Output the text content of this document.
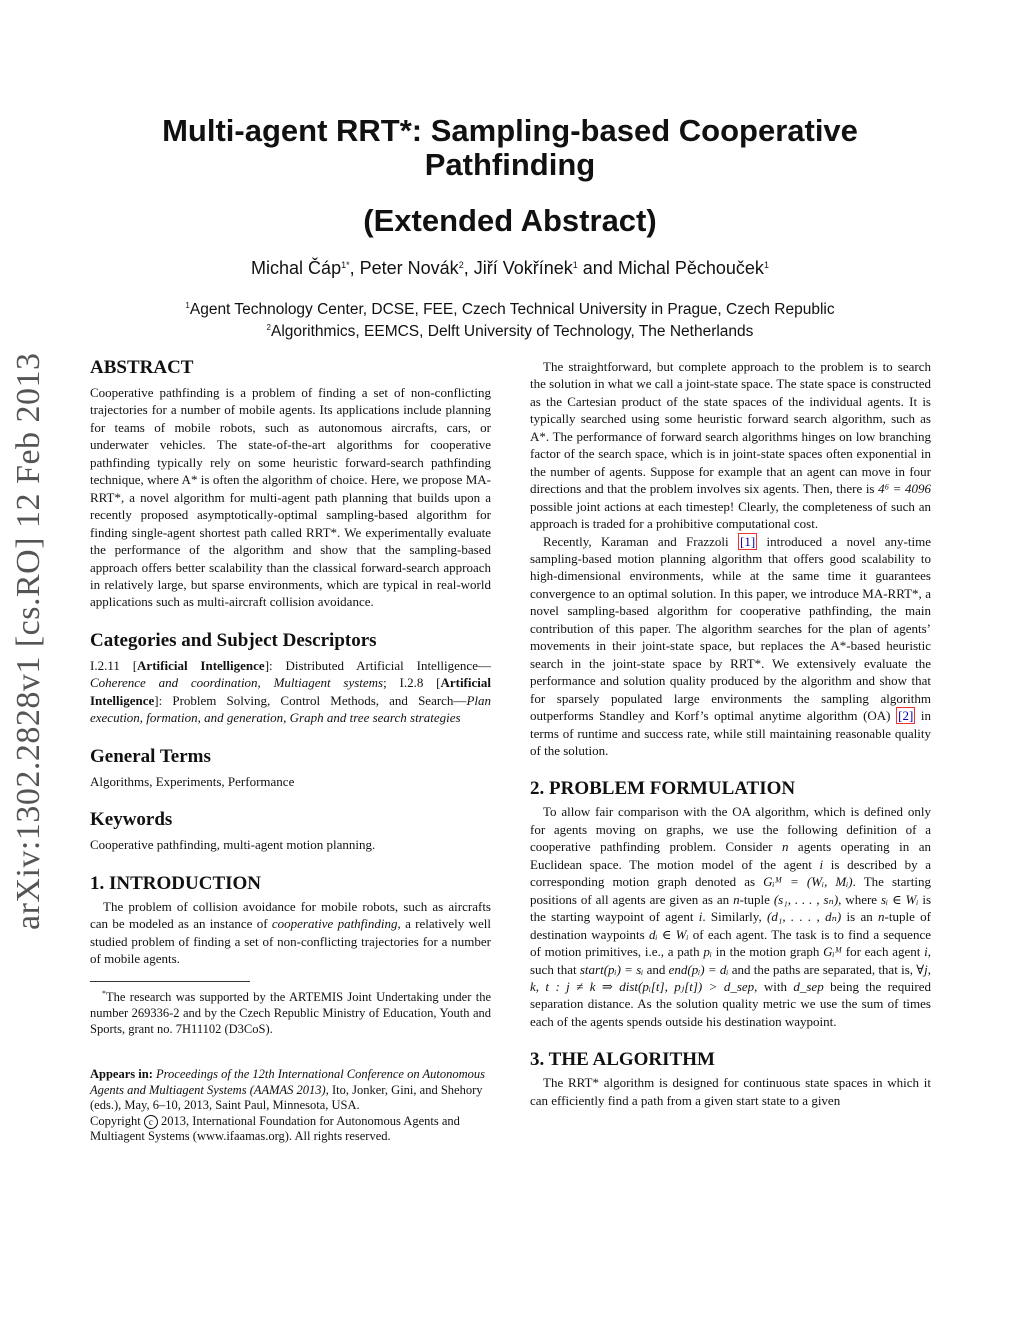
arXiv:1302.2828v1 [cs.RO] 12 Feb 2013
Multi-agent RRT*: Sampling-based Cooperative
Pathfinding
(Extended Abstract)
Michal Čáp$^{1*}$, Peter Novák$^2$, Jiří Vokřínek$^1$ and Michal Pěchouček$^1$
$^1$Agent Technology Center, DCSE, FEE, Czech Technical University in Prague, Czech Republic
$^2$Algorithmics, EEMCS, Delft University of Technology, The Netherlands
ABSTRACT

Cooperative pathfinding is a problem of finding a set of non-conflicting trajectories for a number of mobile agents. Its applications include planning for teams of mobile robots, such as autonomous aircrafts, cars, or underwater vehicles. The state-of-the-art algorithms for cooperative pathfinding typically rely on some heuristic forward-search pathfinding technique, where A* is often the algorithm of choice. Here, we propose MA-RRT*, a novel algorithm for multi-agent path planning that builds upon a recently proposed asymptotically-optimal sampling-based algorithm for finding single-agent shortest path called RRT*. We experimentally evaluate the performance of the algorithm and show that the sampling-based approach offers better scalability than the classical forward-search approach in relatively large, but sparse environments, which are typical in real-world applications such as multi-aircraft collision avoidance.

Categories and Subject Descriptors

I.2.11 [Artificial Intelligence]: Distributed Artificial Intelligence—Coherence and coordination, Multiagent systems; I.2.8 [Artificial Intelligence]: Problem Solving, Control Methods, and Search—Plan execution, formation, and generation, Graph and tree search strategies

General Terms

Algorithms, Experiments, Performance

Keywords

Cooperative pathfinding, multi-agent motion planning.

1. INTRODUCTION

The problem of collision avoidance for mobile robots, such as aircrafts can be modeled as an instance of cooperative pathfinding, a relatively well studied problem of finding a set of non-conflicting trajectories for a number of mobile agents.

*The research was supported by the ARTEMIS Joint Undertaking under the number 269336-2 and by the Czech Republic Ministry of Education, Youth and Sports, grant no. 7H11102 (D3CoS).

Appears in: Proceedings of the 12th International Conference on Autonomous Agents and Multiagent Systems (AAMAS 2013), Ito, Jonker, Gini, and Shehory (eds.), May, 6–10, 2013, Saint Paul, Minnesota, USA.

Copyright c 2013, International Foundation for Autonomous Agents and Multiagent Systems (www.ifaamas.org). All rights reserved.

The straightforward, but complete approach to the problem is to search the solution in what we call a joint-state space. The state space is constructed as the Cartesian product of the state spaces of the individual agents. It is typically searched using some heuristic forward search algorithm, such as A*. The performance of forward search algorithms hinges on low branching factor of the search space, which is in joint-state spaces often exponential in the number of agents. Suppose for example that an agent can move in four directions and that the problem involves six agents. Then, there is 4⁶ = 4096 possible joint actions at each timestep! Clearly, the completeness of such an approach is traded for a prohibitive computational cost.

Recently, Karaman and Frazzoli [1] introduced a novel any-time sampling-based motion planning algorithm that offers good scalability to high-dimensional environments, while at the same time it guarantees convergence to an optimal solution. In this paper, we introduce MA-RRT*, a novel sampling-based algorithm for cooperative pathfinding, the main contribution of this paper. The algorithm searches for the plan of agents’ movements in their joint-state space, but replaces the A*-based heuristic search in the joint-state space by RRT*. We extensively evaluate the performance and solution quality produced by the algorithm and show that for sparsely populated large environments the sampling algorithm outperforms Standley and Korf’s optimal anytime algorithm (OA) [2] in terms of runtime and success rate, while still maintaining reasonable quality of the solution.

2. PROBLEM FORMULATION

To allow fair comparison with the OA algorithm, which is defined only for agents moving on graphs, we use the following definition of a cooperative pathfinding problem. Consider n agents operating in an Euclidean space. The motion model of the agent i is described by a corresponding motion graph denoted as Gᵢᴹ = (Wᵢ, Mᵢ). The starting positions of all agents are given as an n-tuple (s₁, . . . , sₙ), where sᵢ ∈ Wᵢ is the starting waypoint of agent i. Similarly, (d₁, . . . , dₙ) is an n-tuple of destination waypoints dᵢ ∈ Wᵢ of each agent. The task is to find a sequence of motion primitives, i.e., a path pᵢ in the motion graph Gᵢᴹ for each agent i, such that start(pᵢ) = sᵢ and end(pᵢ) = dᵢ and the paths are separated, that is, ∀j, k, t : j ≠ k ⇒ dist(pᵢ[t], pⱼ[t]) > d_sep, with d_sep being the required separation distance. As the solution quality metric we use the sum of times each of the agents spends outside his destination waypoint.

3. THE ALGORITHM

The RRT* algorithm is designed for continuous state spaces in which it can efficiently find a path from a given start state to a given
